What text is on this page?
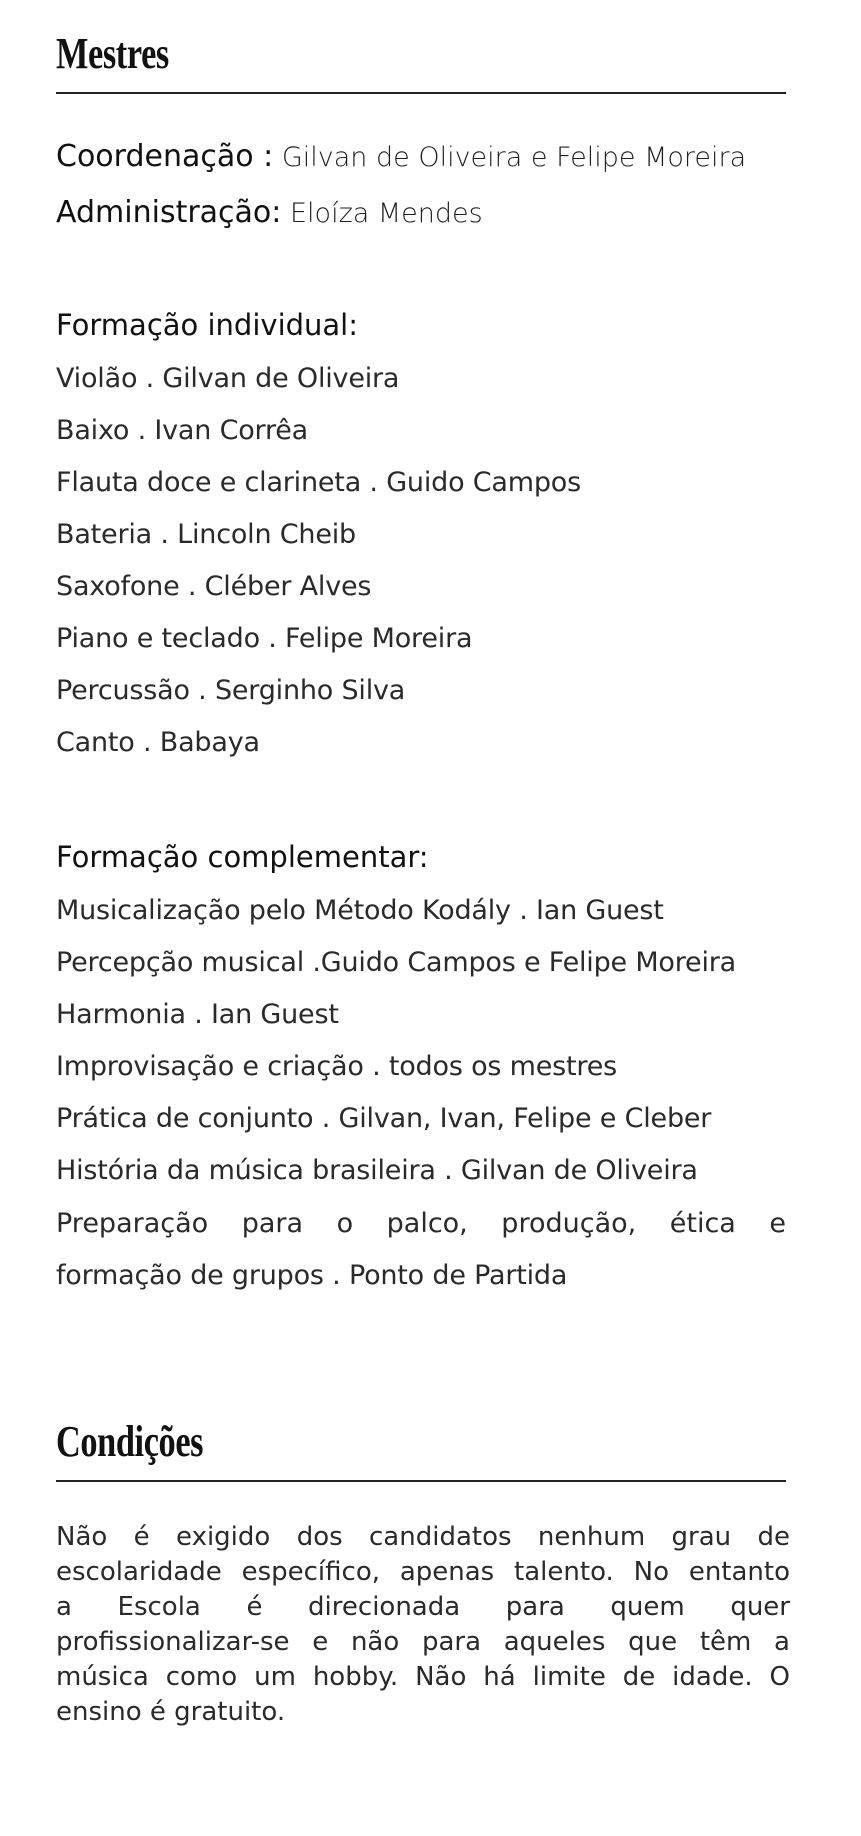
Mestres

Coordenação : Gilvan de Oliveira e Felipe Moreira

Administração: Eloíza Mendes

Formação individual:

Violão . Gilvan de Oliveira

Baixo . Ivan Corrêa

Flauta doce e clarineta . Guido Campos

Bateria . Lincoln Cheib

Saxofone . Cléber Alves

Piano e teclado . Felipe Moreira

Percussão . Serginho Silva

Canto . Babaya

Formação complementar:

Musicalização pelo Método Kodály . Ian Guest

Percepção musical .Guido Campos e Felipe Moreira

Harmonia . Ian Guest

Improvisação e criação . todos os mestres

Prática de conjunto . Gilvan, Ivan, Felipe e Cleber

História da música brasileira . Gilvan de Oliveira

Preparação para o palco, produção, ética e

formação de grupos . Ponto de Partida

Condições
Não é exigido dos candidatos nenhum grau de
escolaridade específico, apenas talento. No entanto
a Escola é direcionada para quem quer
profissionalizar-se e não para aqueles que têm a
música como um hobby. Não há limite de idade. O
ensino é gratuito.
